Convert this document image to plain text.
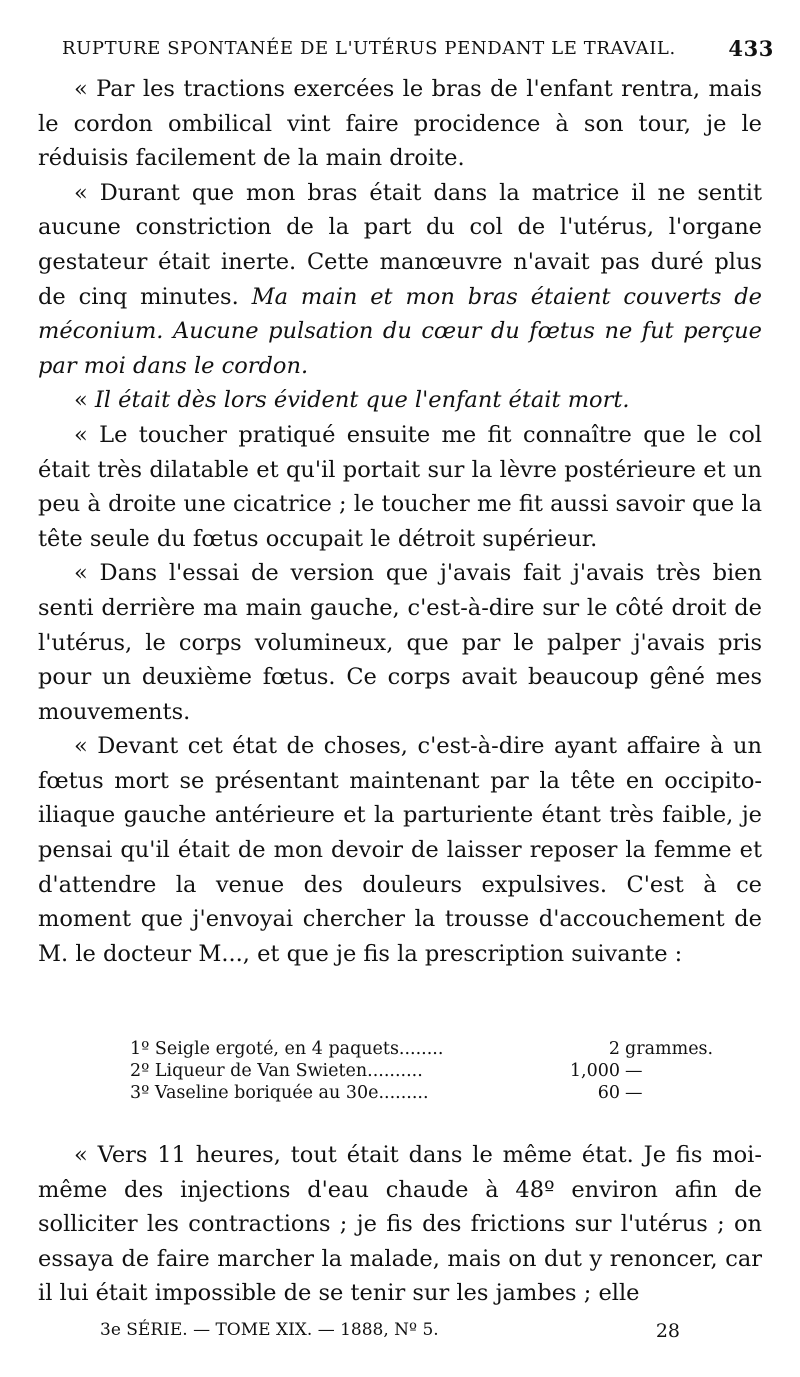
RUPTURE SPONTANÉE DE L'UTÉRUS PENDANT LE TRAVAIL.	433

« Par les tractions exercées le bras de l'enfant rentra, mais le cordon ombilical vint faire procidence à son tour, je le réduisis facilement de la main droite.

« Durant que mon bras était dans la matrice il ne sentit aucune constriction de la part du col de l'utérus, l'organe gestateur était inerte. Cette manœuvre n'avait pas duré plus de cinq minutes. Ma main et mon bras étaient couverts de méconium. Aucune pulsation du cœur du fœtus ne fut perçue par moi dans le cordon.

« Il était dès lors évident que l'enfant était mort.

« Le toucher pratiqué ensuite me fit connaître que le col était très dilatable et qu'il portait sur la lèvre postérieure et un peu à droite une cicatrice ; le toucher me fit aussi savoir que la tête seule du fœtus occupait le détroit supérieur.

« Dans l'essai de version que j'avais fait j'avais très bien senti derrière ma main gauche, c'est-à-dire sur le côté droit de l'utérus, le corps volumineux, que par le palper j'avais pris pour un deuxième fœtus. Ce corps avait beaucoup gêné mes mouvements.

« Devant cet état de choses, c'est-à-dire ayant affaire à un fœtus mort se présentant maintenant par la tête en occipito-iliaque gauche antérieure et la parturiente étant très faible, je pensai qu'il était de mon devoir de laisser reposer la femme et d'attendre la venue des douleurs expulsives. C'est à ce moment que j'envoyai chercher la trousse d'accouchement de M. le docteur M..., et que je fis la prescription suivante :

1º Seigle ergoté, en 4 paquets........	2 grammes.
2º Liqueur de Van Swieten..........	1,000 —
3º Vaseline boriquée au 30e.........	60 —

« Vers 11 heures, tout était dans le même état. Je fis moi-même des injections d'eau chaude à 48º environ afin de solliciter les contractions ; je fis des frictions sur l'utérus ; on essaya de faire marcher la malade, mais on dut y renoncer, car il lui était impossible de se tenir sur les jambes ; elle

3e SÉRIE. — TOME XIX. — 1888, Nº 5.	28
